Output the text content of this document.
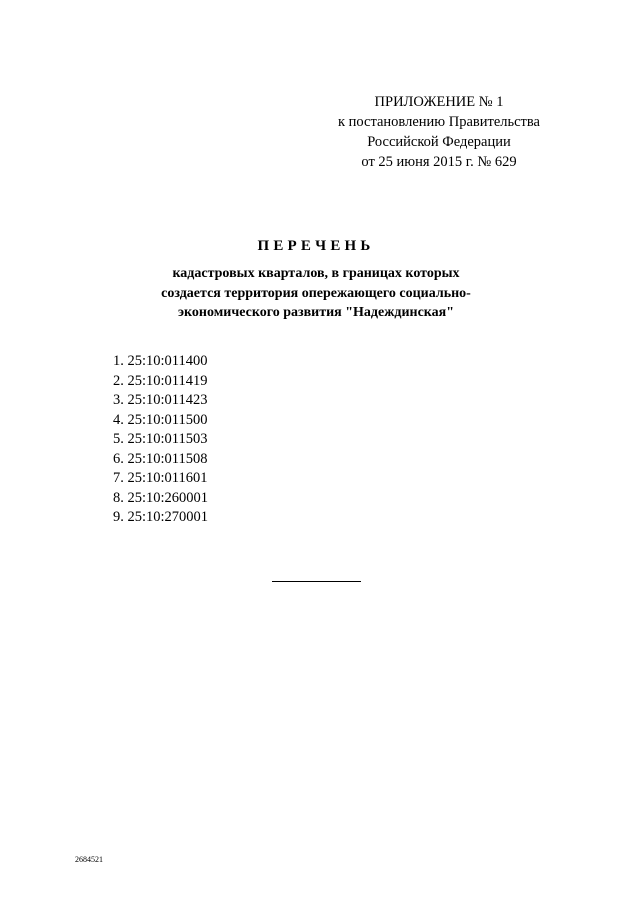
ПРИЛОЖЕНИЕ № 1
к постановлению Правительства
Российской Федерации
от 25 июня 2015 г. № 629
ПЕРЕЧЕНЬ
кадастровых кварталов, в границах которых
создается территория опережающего социально-
экономического развития "Надеждинская"
1. 25:10:011400
2. 25:10:011419
3. 25:10:011423
4. 25:10:011500
5. 25:10:011503
6. 25:10:011508
7. 25:10:011601
8. 25:10:260001
9. 25:10:270001
2684521
